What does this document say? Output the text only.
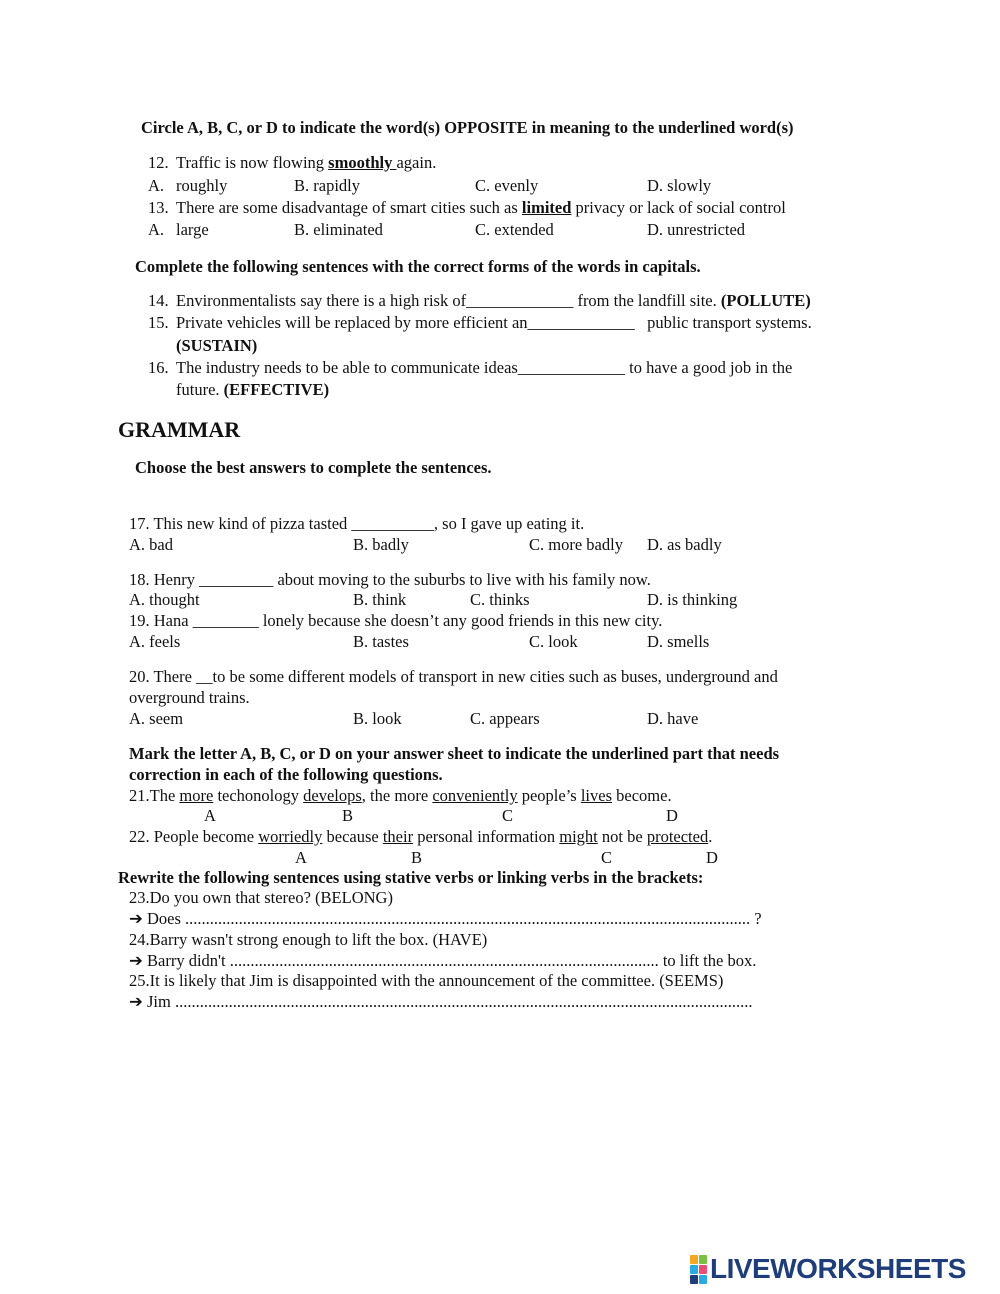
Circle A, B, C, or D to indicate the word(s) OPPOSITE in meaning to the underlined word(s)
12. Traffic is now flowing smoothly again.
A. roughly	B. rapidly	C. evenly	D. slowly
13. There are some disadvantage of smart cities such as limited privacy or lack of social control
A. large	B. eliminated	C. extended	D. unrestricted
Complete the following sentences with the correct forms of the words in capitals.
14. Environmentalists say there is a high risk of_____________ from the landfill site. (POLLUTE)
15. Private vehicles will be replaced by more efficient an_____________   public transport systems.
(SUSTAIN)
16. The industry needs to be able to communicate ideas_____________ to have a good job in the
future. (EFFECTIVE)
GRAMMAR
Choose the best answers to complete the sentences.
17. This new kind of pizza tasted __________, so I gave up eating it.
A. bad	B. badly	C. more badly D. as badly
18. Henry _________ about moving to the suburbs to live with his family now.
A. thought	B. think	C. thinks	D. is thinking
19. Hana ________ lonely because she doesn’t any good friends in this new city.
A. feels	B. tastes	C. look	D. smells
20. There __to be some different models of transport in new cities such as buses, underground and
overground trains.
A. seem	B. look	C. appears	D. have
Mark the letter A, B, C, or D on your answer sheet to indicate the underlined part that needs
correction in each of the following questions.
21.The more techonology develops, the more conveniently people’s lives become.
A	B	C	D
22. People become worriedly because their personal information might not be protected.
A	B	C	D
Rewrite the following sentences using stative verbs or linking verbs in the brackets:
23.Do you own that stereo? (BELONG)
➔ Does ......................................................................................................................................... ?
24.Barry wasn't strong enough to lift the box. (HAVE)
➔ Barry didn't ........................................................................................................ to lift the box.
25.It is likely that Jim is disappointed with the announcement of the committee. (SEEMS)
➔ Jim ............................................................................................................................................
LIVEWORKSHEETS
